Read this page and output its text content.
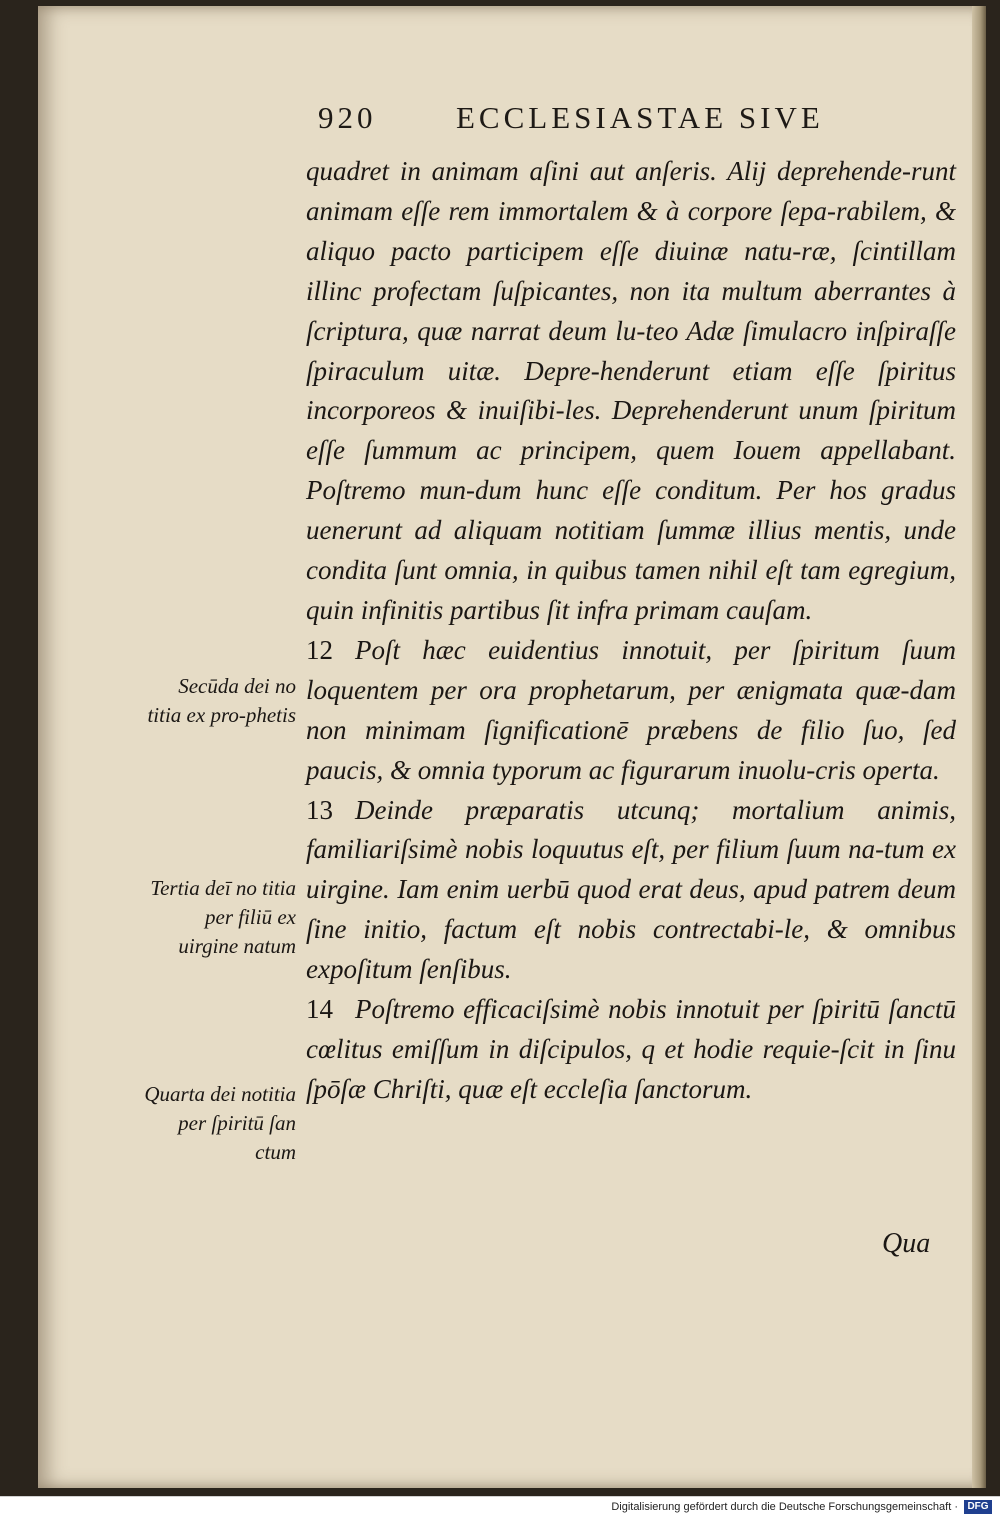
920	ECCLESIASTAE SIVE

quadret in animam aſini aut anſeris. Alij deprehende‑runt animam eſſe rem immortalem & à corpore ſepa‑rabilem, & aliquo pacto participem eſſe diuinæ natu‑ræ, ſcintillam illinc profectam ſuſpicantes, non ita multum aberrantes à ſcriptura, quæ narrat deum lu‑teo Adæ ſimulacro inſpiraſſe ſpiraculum uitæ. Depre‑henderunt etiam eſſe ſpiritus incorporeos & inuiſibi‑les. Deprehenderunt unum ſpiritum eſſe ſummum ac principem, quem Iouem appellabant. Poſtremo mun‑dum hunc eſſe conditum. Per hos gradus uenerunt ad aliquam notitiam ſummæ illius mentis, unde condita ſunt omnia, in quibus tamen nihil eſt tam egregium, quin infinitis partibus ſit infra primam cauſam.

12 Poſt hæc euidentius innotuit, per ſpiritum ſuum loquentem per ora prophetarum, per ænigmata quæ‑dam non minimam ſignificationē præbens de filio ſuo, ſed paucis, & omnia typorum ac figurarum inuolu‑cris operta.

13 Deinde præparatis utcunq; mortalium animis, familiariſsimè nobis loquutus eſt, per filium ſuum na‑tum ex uirgine. Iam enim uerbū quod erat deus, apud patrem deum ſine initio, factum eſt nobis contrectabi‑le, & omnibus expoſitum ſenſibus.

14 Poſtremo efficaciſsimè nobis innotuit per ſpiritū ſanctū cœlitus emiſſum in diſcipulos, q et hodie requie‑ſcit in ſinu ſpōſæ Chriſti, quæ eſt eccleſia ſanctorum.

Secūda dei no titia ex pro‑phetis
Tertia deī no titia per filiū ex uirgine natum
Quarta dei notitia per ſpiritū ſan ctum
Qua
Digitalisierung gefördert durch die Deutsche Forschungsgemeinschaft · DFG
